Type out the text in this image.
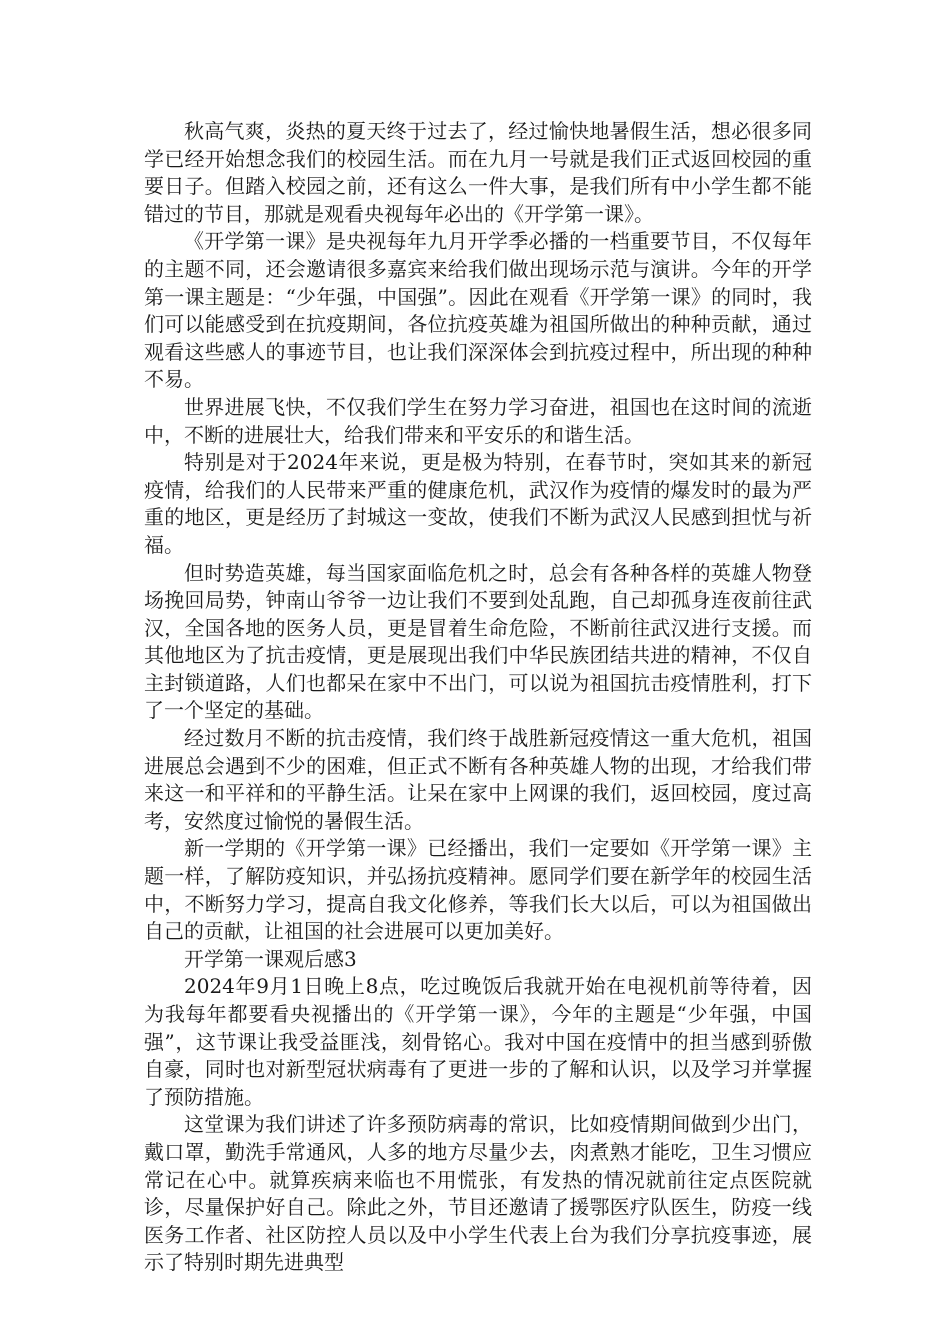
秋高气爽，炎热的夏天终于过去了，经过愉快地暑假生活，想必很多同学已经开始想念我们的校园生活。而在九月一号就是我们正式返回校园的重要日子。但踏入校园之前，还有这么一件大事，是我们所有中小学生都不能错过的节目，那就是观看央视每年必出的《开学第一课》。

《开学第一课》是央视每年九月开学季必播的一档重要节目，不仅每年的主题不同，还会邀请很多嘉宾来给我们做出现场示范与演讲。今年的开学第一课主题是：“少年强，中国强”。因此在观看《开学第一课》的同时，我们可以能感受到在抗疫期间，各位抗疫英雄为祖国所做出的种种贡献，通过观看这些感人的事迹节目，也让我们深深体会到抗疫过程中，所出现的种种不易。

世界进展飞快，不仅我们学生在努力学习奋进，祖国也在这时间的流逝中，不断的进展壮大，给我们带来和平安乐的和谐生活。

特别是对于2024年来说，更是极为特别，在春节时，突如其来的新冠疫情，给我们的人民带来严重的健康危机，武汉作为疫情的爆发时的最为严重的地区，更是经历了封城这一变故，使我们不断为武汉人民感到担忧与祈福。

但时势造英雄，每当国家面临危机之时，总会有各种各样的英雄人物登场挽回局势，钟南山爷爷一边让我们不要到处乱跑，自己却孤身连夜前往武汉，全国各地的医务人员，更是冒着生命危险，不断前往武汉进行支援。而其他地区为了抗击疫情，更是展现出我们中华民族团结共进的精神，不仅自主封锁道路，人们也都呆在家中不出门，可以说为祖国抗击疫情胜利，打下了一个坚定的基础。

经过数月不断的抗击疫情，我们终于战胜新冠疫情这一重大危机，祖国进展总会遇到不少的困难，但正式不断有各种英雄人物的出现，才给我们带来这一和平祥和的平静生活。让呆在家中上网课的我们，返回校园，度过高考，安然度过愉悦的暑假生活。

新一学期的《开学第一课》已经播出，我们一定要如《开学第一课》主题一样，了解防疫知识，并弘扬抗疫精神。愿同学们要在新学年的校园生活中，不断努力学习，提高自我文化修养，等我们长大以后，可以为祖国做出自己的贡献，让祖国的社会进展可以更加美好。

开学第一课观后感3

2024年9月1日晚上8点，吃过晚饭后我就开始在电视机前等待着，因为我每年都要看央视播出的《开学第一课》，今年的主题是“少年强，中国强”，这节课让我受益匪浅，刻骨铭心。我对中国在疫情中的担当感到骄傲自豪，同时也对新型冠状病毒有了更进一步的了解和认识，以及学习并掌握了预防措施。

这堂课为我们讲述了许多预防病毒的常识，比如疫情期间做到少出门，戴口罩，勤洗手常通风，人多的地方尽量少去，肉煮熟才能吃，卫生习惯应常记在心中。就算疾病来临也不用慌张，有发热的情况就前往定点医院就诊，尽量保护好自己。除此之外，节目还邀请了援鄂医疗队医生，防疫一线医务工作者、社区防控人员以及中小学生代表上台为我们分享抗疫事迹，展示了特别时期先进典型
